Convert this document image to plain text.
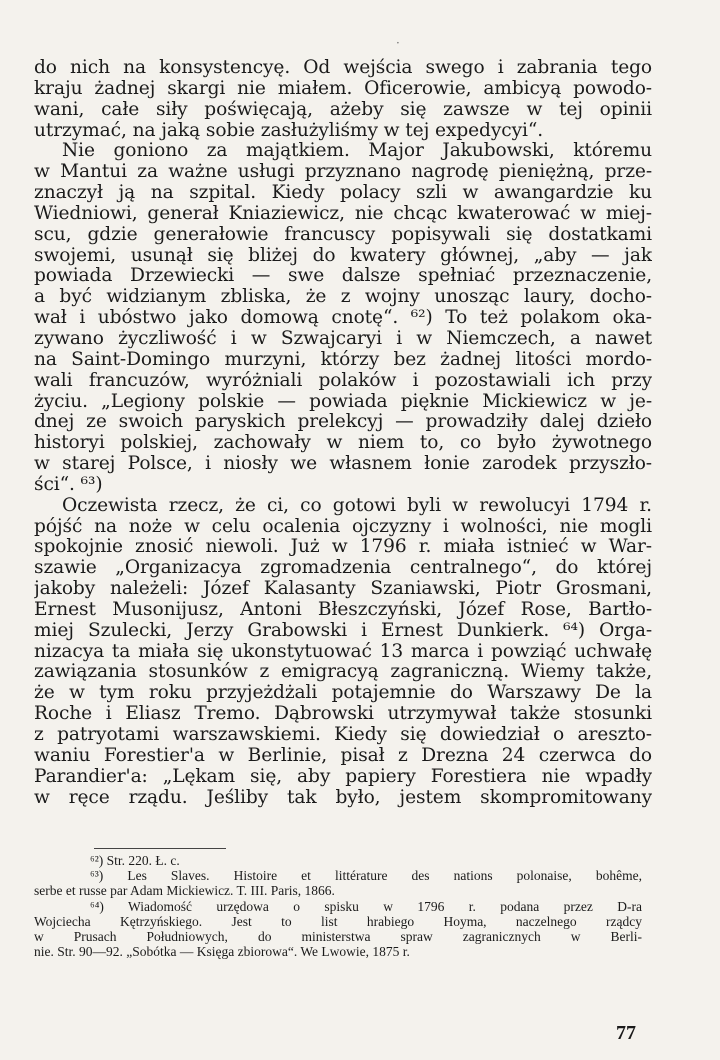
·
do nich na konsystencyę. Od wejścia swego i zabrania tego
kraju żadnej skargi nie miałem. Oficerowie, ambicyą powodo-
wani, całe siły poświęcają, ażeby się zawsze w tej opinii
utrzymać, na jaką sobie zasłużyliśmy w tej expedycyi“.
Nie goniono za majątkiem. Major Jakubowski, któremu
w Mantui za ważne usługi przyznano nagrodę pieniężną, prze-
znaczył ją na szpital. Kiedy polacy szli w awangardzie ku
Wiedniowi, generał Kniaziewicz, nie chcąc kwaterować w miej-
scu, gdzie generałowie francuscy popisywali się dostatkami
swojemi, usunął się bliżej do kwatery głównej, „aby — jak
powiada Drzewiecki — swe dalsze spełniać przeznaczenie,
a być widzianym zbliska, że z wojny unosząc laury, docho-
wał i ubóstwo jako domową cnotę“. ⁶²) To też polakom oka-
zywano życzliwość i w Szwajcaryi i w Niemczech, a nawet
na Saint-Domingo murzyni, którzy bez żadnej litości mordo-
wali francuzów, wyróżniali polaków i pozostawiali ich przy
życiu. „Legiony polskie — powiada pięknie Mickiewicz w je-
dnej ze swoich paryskich prelekcyj — prowadziły dalej dzieło
historyi polskiej, zachowały w niem to, co było żywotnego
w starej Polsce, i niosły we własnem łonie zarodek przyszło-
ści“. ⁶³)
Oczewista rzecz, że ci, co gotowi byli w rewolucyi 1794 r.
pójść na noże w celu ocalenia ojczyzny i wolności, nie mogli
spokojnie znosić niewoli. Już w 1796 r. miała istnieć w War-
szawie „Organizacya zgromadzenia centralnego“, do której
jakoby należeli: Józef Kalasanty Szaniawski, Piotr Grosmani,
Ernest Musonijusz, Antoni Błeszczyński, Józef Rose, Bartło-
miej Szulecki, Jerzy Grabowski i Ernest Dunkierk. ⁶⁴) Orga-
nizacya ta miała się ukonstytuować 13 marca i powziąć uchwałę
zawiązania stosunków z emigracyą zagraniczną. Wiemy także,
że w tym roku przyjeżdżali potajemnie do Warszawy De la
Roche i Eliasz Tremo. Dąbrowski utrzymywał także stosunki
z patryotami warszawskiemi. Kiedy się dowiedział o areszto-
waniu Forestier'a w Berlinie, pisał z Drezna 24 czerwca do
Parandier'a: „Lękam się, aby papiery Forestiera nie wpadły
w ręce rządu. Jeśliby tak było, jestem skompromitowany
⁶²) Str. 220. Ł. c.
⁶³) Les Slaves. Histoire et littérature des nations polonaise, bohême,
serbe et russe par Adam Mickiewicz. T. III. Paris, 1866.
⁶⁴) Wiadomość urzędowa o spisku w 1796 r. podana przez D-ra
Wojciecha Kętrzyńskiego. Jest to list hrabiego Hoyma, naczelnego rządcy
w Prusach Południowych, do ministerstwa spraw zagranicznych w Berli-
nie. Str. 90—92. „Sobótka — Księga zbiorowa“. We Lwowie, 1875 r.
77
